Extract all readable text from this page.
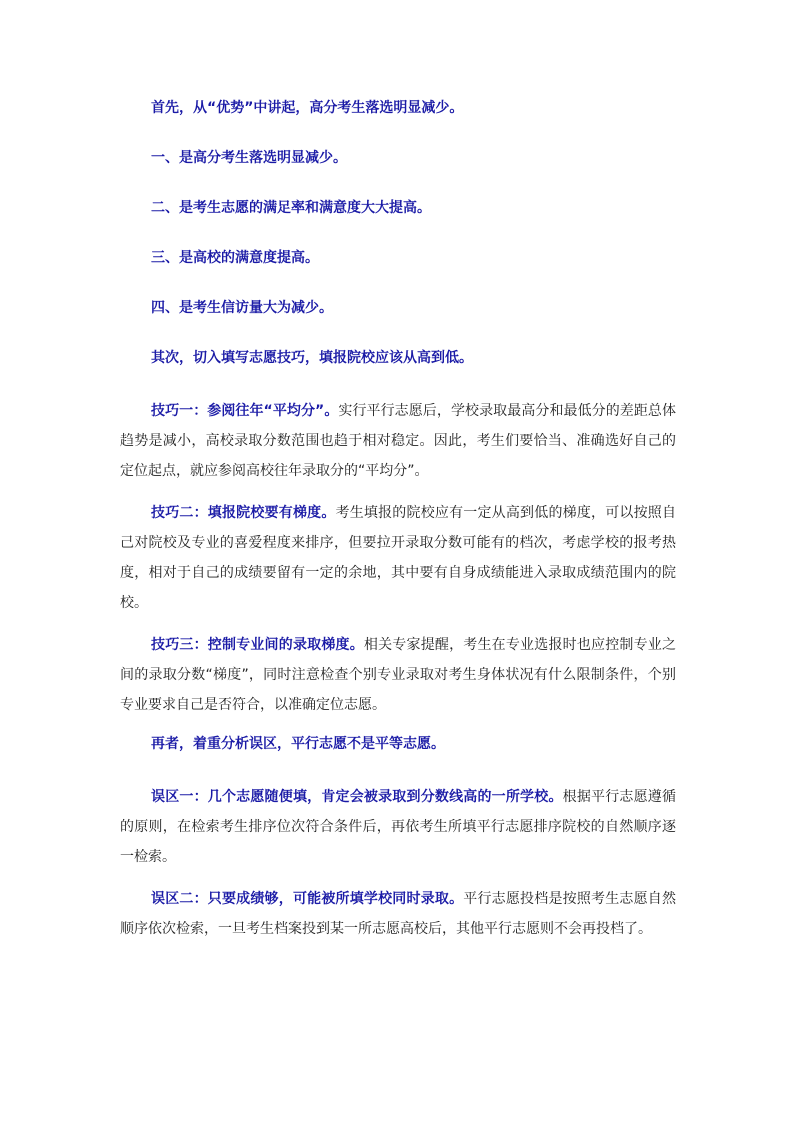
首先，从“优势”中讲起，高分考生落选明显减少。

一、是高分考生落选明显减少。

二、是考生志愿的满足率和满意度大大提高。

三、是高校的满意度提高。

四、是考生信访量大为减少。

其次，切入填写志愿技巧，填报院校应该从高到低。

技巧一：参阅往年“平均分”。实行平行志愿后，学校录取最高分和最低分的差距总体趋势是减小，高校录取分数范围也趋于相对稳定。因此，考生们要恰当、准确选好自己的定位起点，就应参阅高校往年录取分的“平均分”。

技巧二：填报院校要有梯度。考生填报的院校应有一定从高到低的梯度，可以按照自己对院校及专业的喜爱程度来排序，但要拉开录取分数可能有的档次，考虑学校的报考热度，相对于自己的成绩要留有一定的余地，其中要有自身成绩能进入录取成绩范围内的院校。

技巧三：控制专业间的录取梯度。相关专家提醒，考生在专业选报时也应控制专业之间的录取分数“梯度”，同时注意检查个别专业录取对考生身体状况有什么限制条件，个别专业要求自己是否符合，以准确定位志愿。

再者，着重分析误区，平行志愿不是平等志愿。

误区一：几个志愿随便填，肯定会被录取到分数线高的一所学校。根据平行志愿遵循的原则，在检索考生排序位次符合条件后，再依考生所填平行志愿排序院校的自然顺序逐一检索。

误区二：只要成绩够，可能被所填学校同时录取。平行志愿投档是按照考生志愿自然顺序依次检索，一旦考生档案投到某一所志愿高校后，其他平行志愿则不会再投档了。
